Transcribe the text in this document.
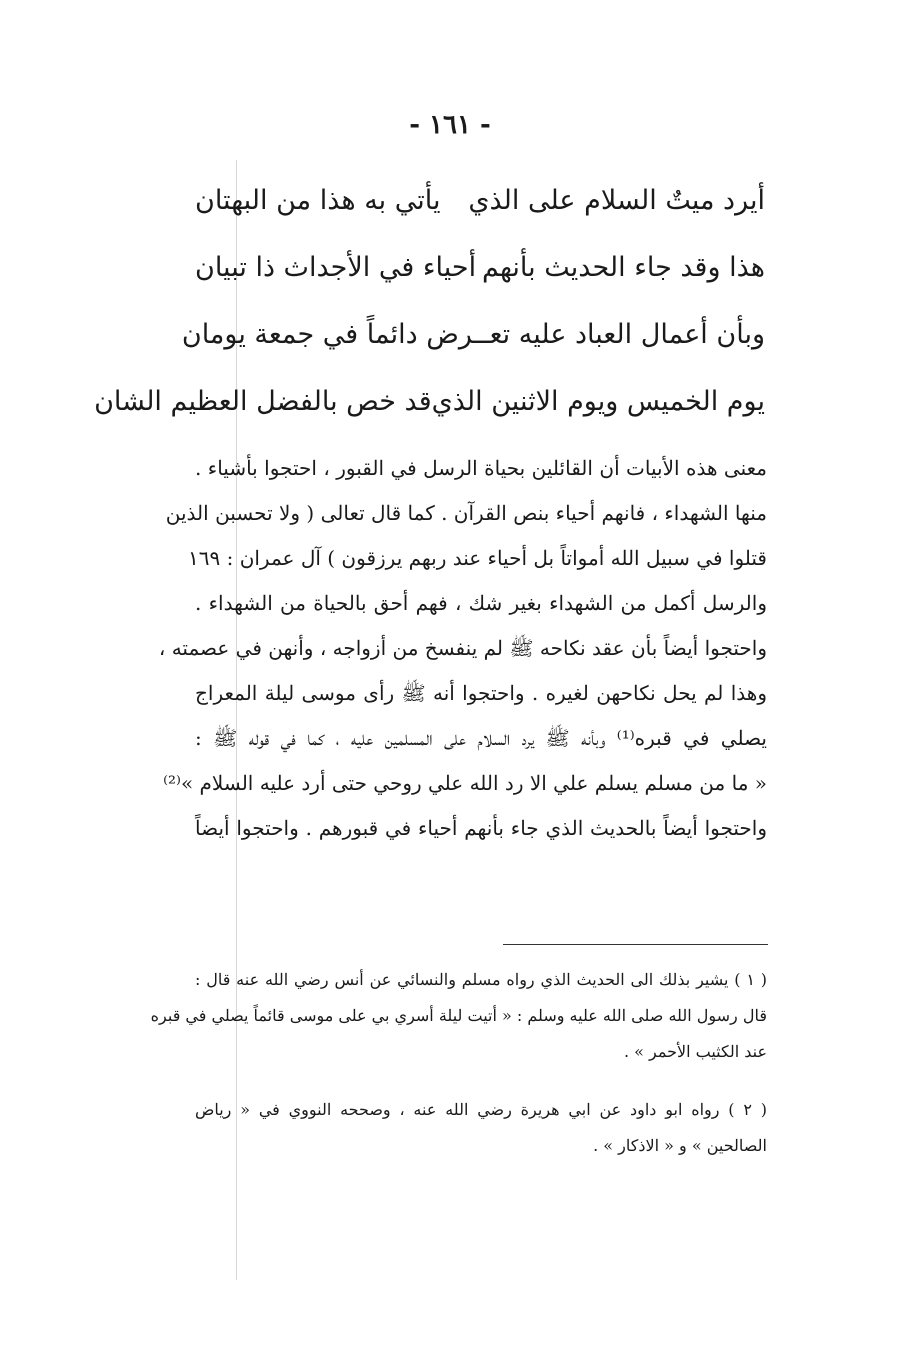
- ١٦١ -
أيرد ميتٌ السلام على الذي
يأتي به هذا من البهتان
هذا وقد جاء الحديث بأنهم
أحياء في الأجداث ذا تبيان
وبأن أعمال العباد عليه تعـ
ـرض دائماً في جمعة يومان
يوم الخميس ويوم الاثنين الذي
قد خص بالفضل العظيم الشان
معنى هذه الأبيات أن القائلين بحياة الرسل في القبور ، احتجوا بأشياء .
منها الشهداء ، فانهم أحياء بنص القرآن . كما قال تعالى ( ولا تحسبن الذين
قتلوا في سبيل الله أمواتاً بل أحياء عند ربهم يرزقون ) آل عمران : ١٦٩
والرسل أكمل من الشهداء بغير شك ، فهم أحق بالحياة من الشهداء .
واحتجوا أيضاً بأن عقد نكاحه ﷺ لم ينفسخ من أزواجه ، وأنهن في عصمته ،
وهذا لم يحل نكاحهن لغيره . واحتجوا أنه ﷺ رأى موسى ليلة المعراج
يصلي في قبره⁽¹⁾ وبأنه ﷺ يرد السلام على المسلمين عليه ، كما في قوله ﷺ :
« ما من مسلم يسلم علي الا رد الله علي روحي حتى أرد عليه السلام »⁽²⁾
واحتجوا أيضاً بالحديث الذي جاء بأنهم أحياء في قبورهم . واحتجوا أيضاً
( ١ ) يشير بذلك الى الحديث الذي رواه مسلم والنسائي عن أنس رضي الله عنه قال :
قال رسول الله صلى الله عليه وسلم : « أتيت ليلة أسري بي على موسى قائماً يصلي في قبره
عند الكثيب الأحمر » .
( ٢ ) رواه ابو داود عن ابي هريرة رضي الله عنه ، وصححه النووي في « رياض
الصالحين » و « الاذكار » .
